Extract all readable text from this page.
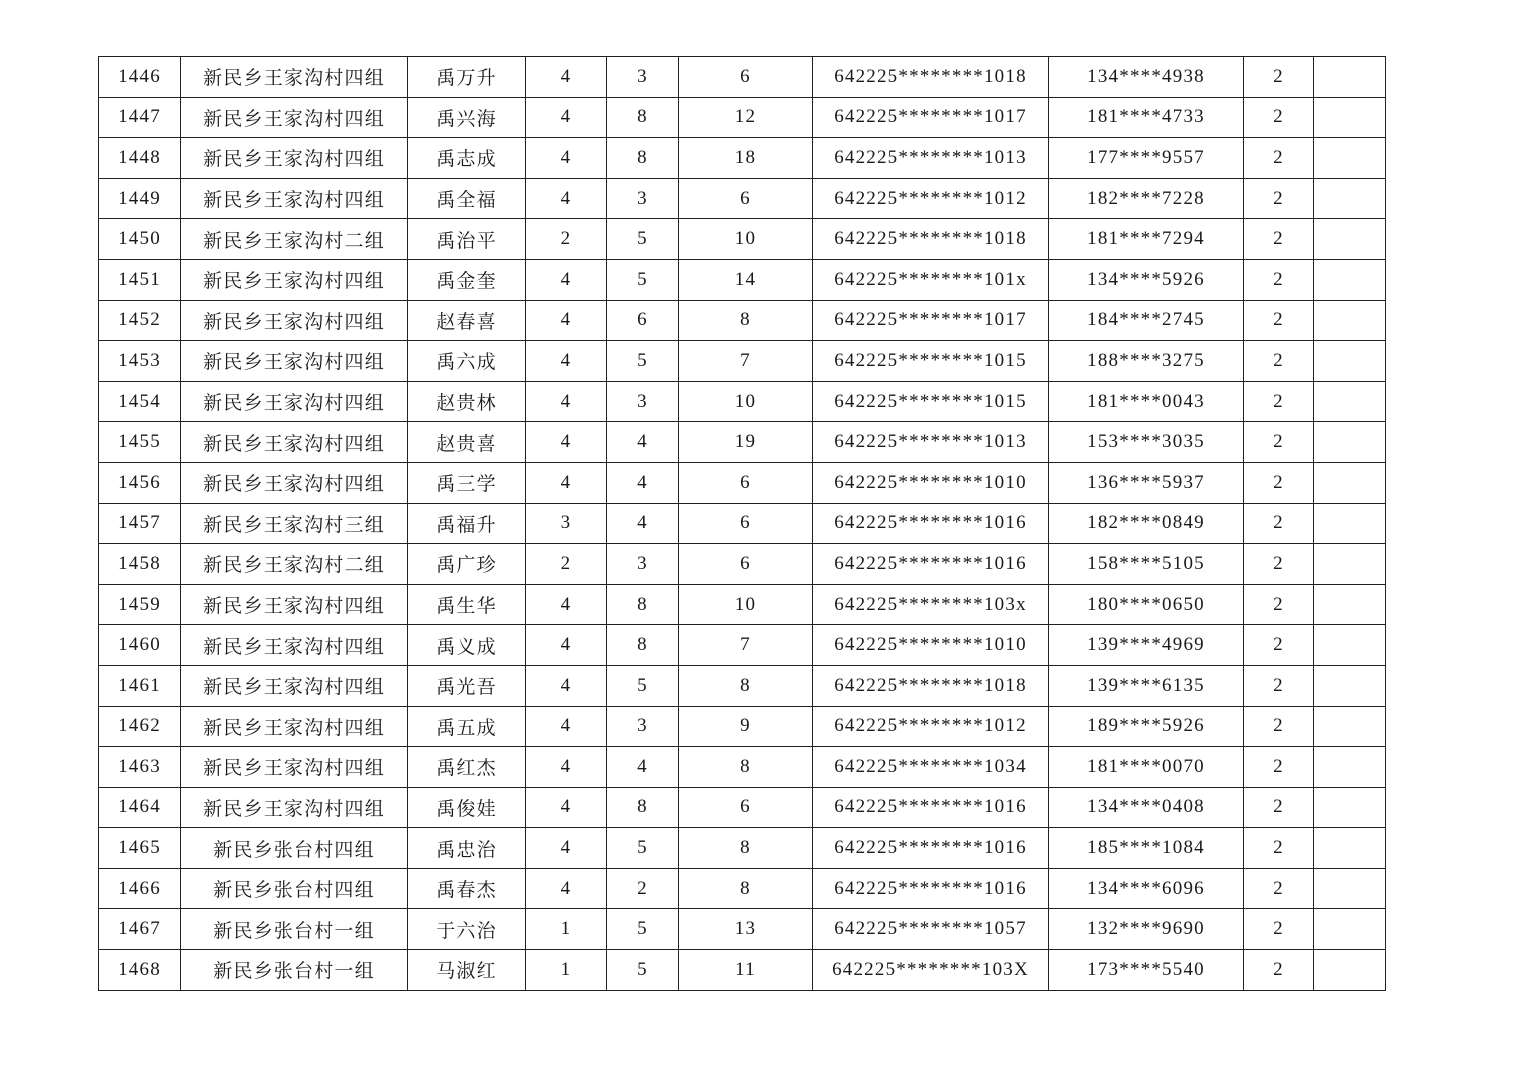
1446	新民乡王家沟村四组	禹万升	4	3	6	642225********1018	134****4938	2	
1447	新民乡王家沟村四组	禹兴海	4	8	12	642225********1017	181****4733	2	
1448	新民乡王家沟村四组	禹志成	4	8	18	642225********1013	177****9557	2	
1449	新民乡王家沟村四组	禹全福	4	3	6	642225********1012	182****7228	2	
1450	新民乡王家沟村二组	禹治平	2	5	10	642225********1018	181****7294	2	
1451	新民乡王家沟村四组	禹金奎	4	5	14	642225********101x	134****5926	2	
1452	新民乡王家沟村四组	赵春喜	4	6	8	642225********1017	184****2745	2	
1453	新民乡王家沟村四组	禹六成	4	5	7	642225********1015	188****3275	2	
1454	新民乡王家沟村四组	赵贵林	4	3	10	642225********1015	181****0043	2	
1455	新民乡王家沟村四组	赵贵喜	4	4	19	642225********1013	153****3035	2	
1456	新民乡王家沟村四组	禹三学	4	4	6	642225********1010	136****5937	2	
1457	新民乡王家沟村三组	禹福升	3	4	6	642225********1016	182****0849	2	
1458	新民乡王家沟村二组	禹广珍	2	3	6	642225********1016	158****5105	2	
1459	新民乡王家沟村四组	禹生华	4	8	10	642225********103x	180****0650	2	
1460	新民乡王家沟村四组	禹义成	4	8	7	642225********1010	139****4969	2	
1461	新民乡王家沟村四组	禹光吾	4	5	8	642225********1018	139****6135	2	
1462	新民乡王家沟村四组	禹五成	4	3	9	642225********1012	189****5926	2	
1463	新民乡王家沟村四组	禹红杰	4	4	8	642225********1034	181****0070	2	
1464	新民乡王家沟村四组	禹俊娃	4	8	6	642225********1016	134****0408	2	
1465	新民乡张台村四组	禹忠治	4	5	8	642225********1016	185****1084	2	
1466	新民乡张台村四组	禹春杰	4	2	8	642225********1016	134****6096	2	
1467	新民乡张台村一组	于六治	1	5	13	642225********1057	132****9690	2	
1468	新民乡张台村一组	马淑红	1	5	11	642225********103X	173****5540	2	
